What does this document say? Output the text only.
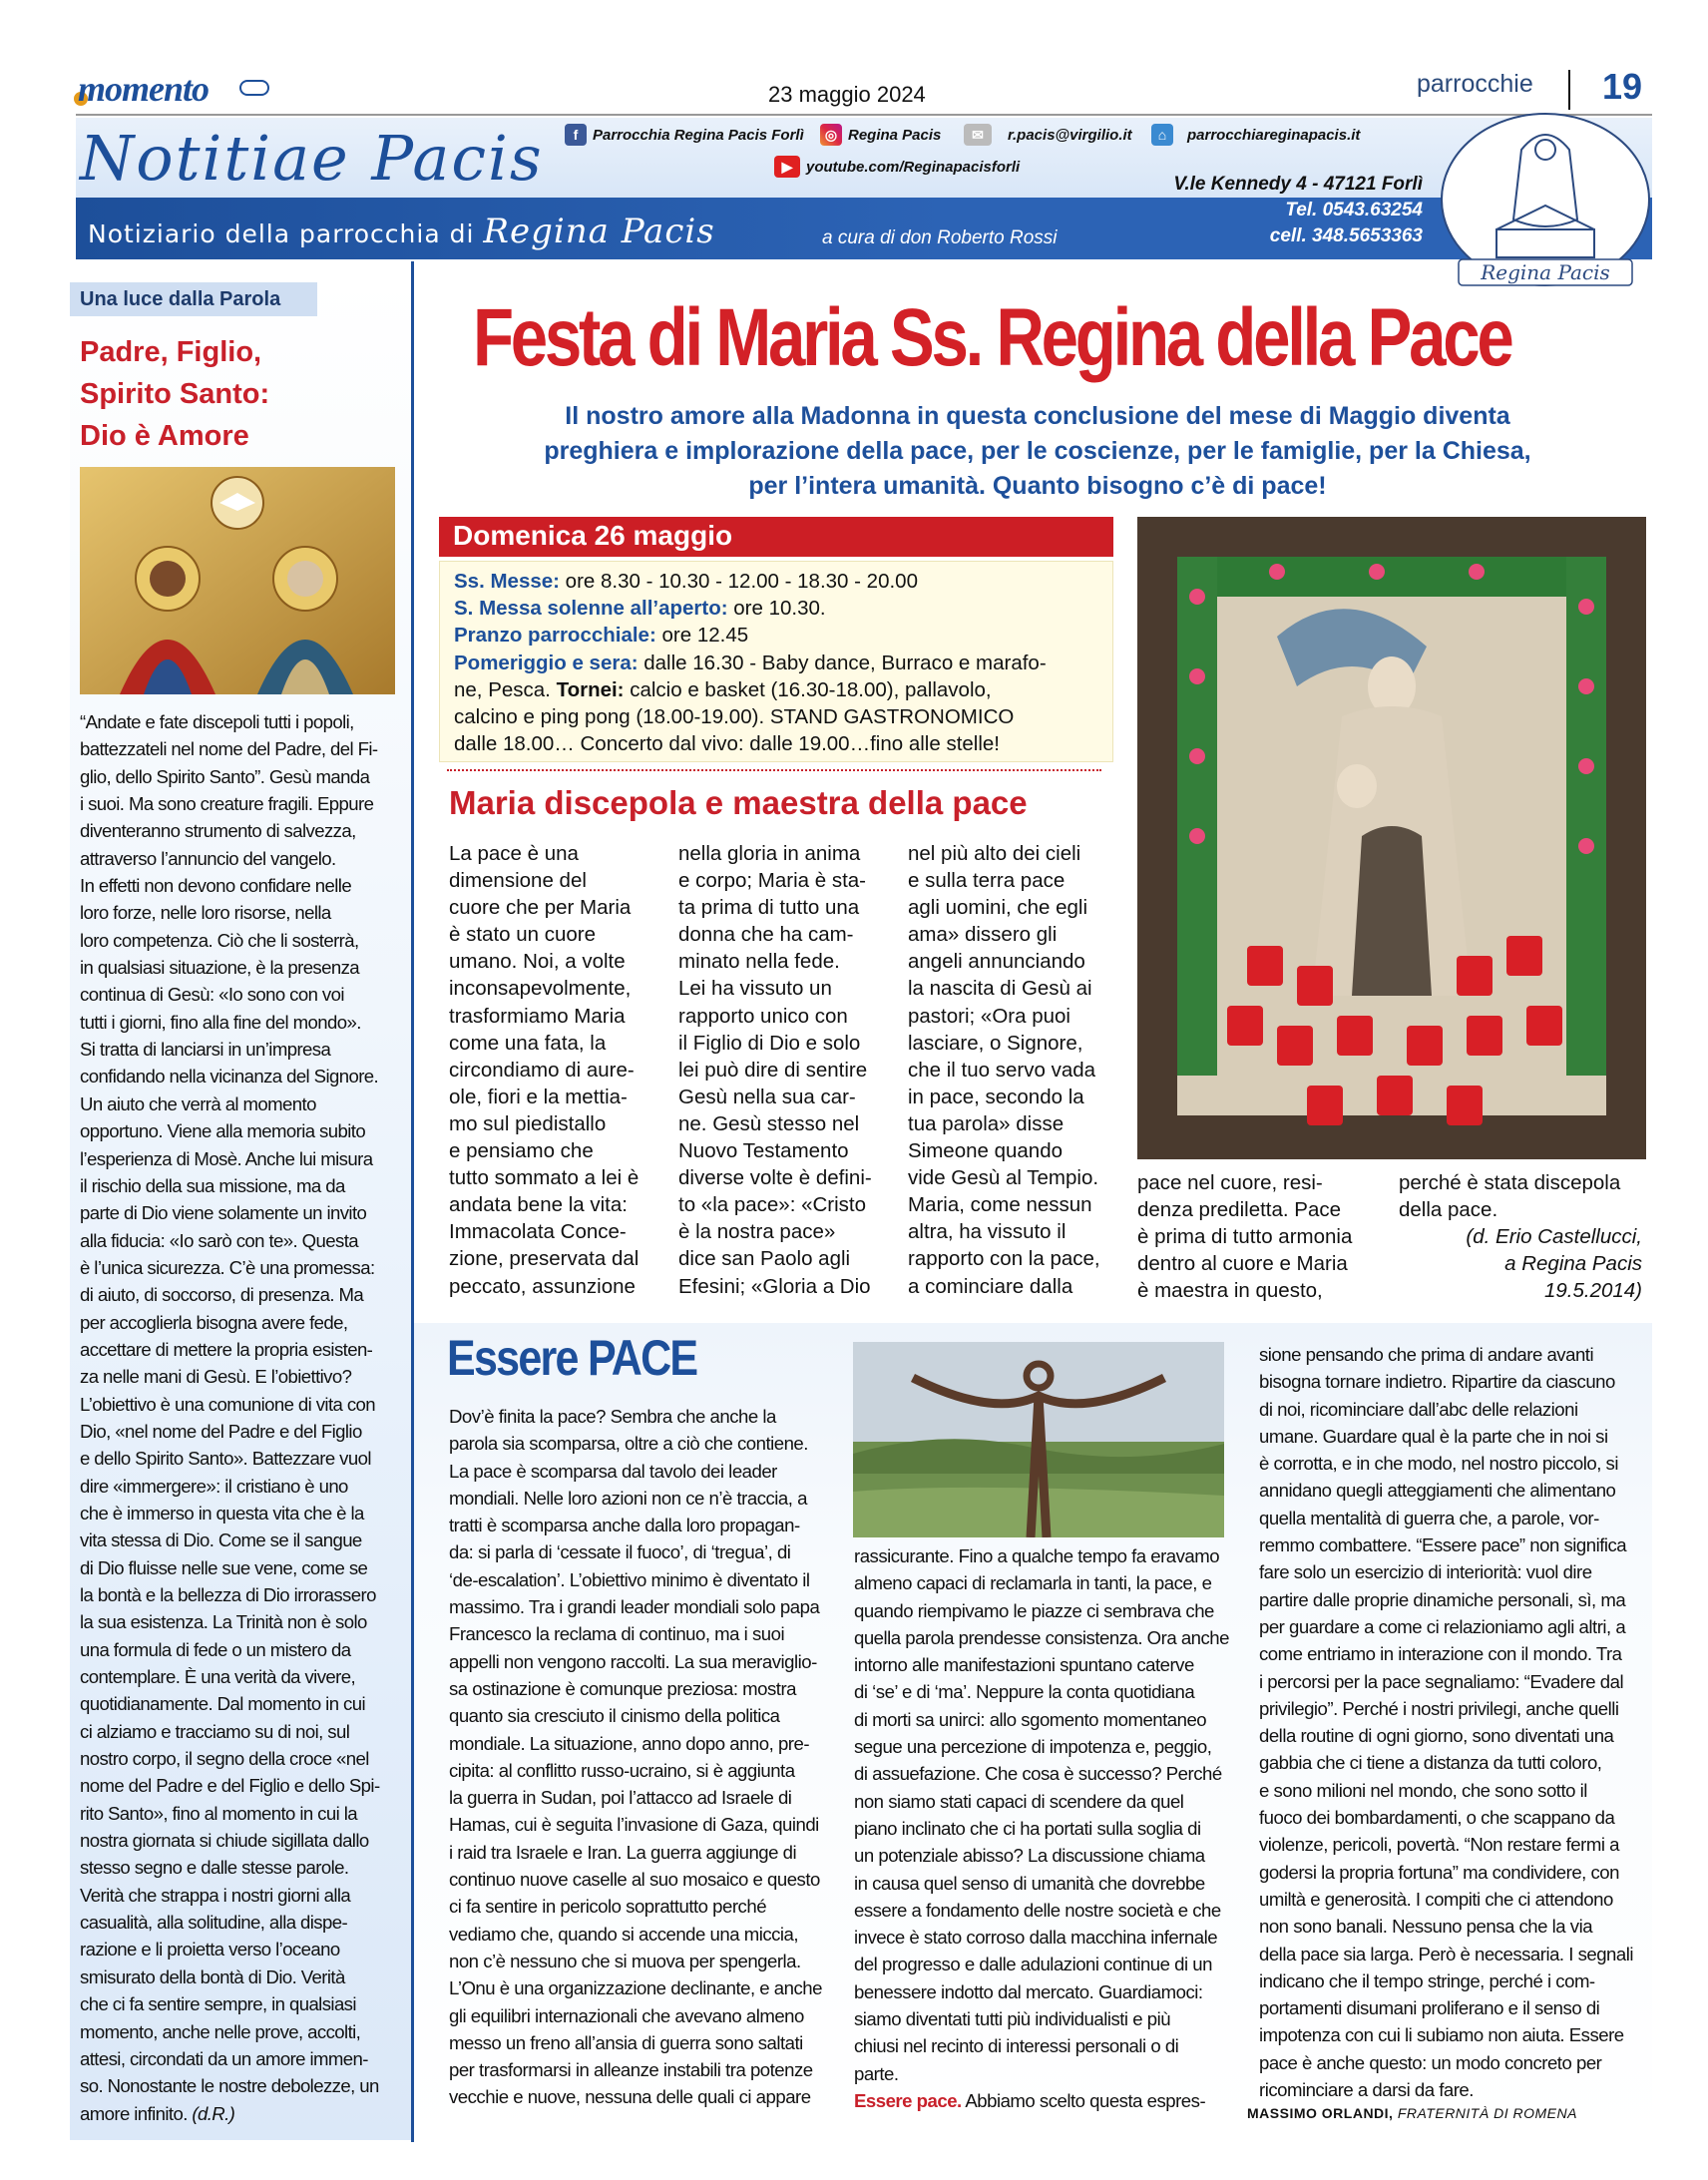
momento	23 maggio 2024	parrocchie 19
Notitiae Pacis
Notiziario della parrocchia di Regina Pacis	a cura di don Roberto Rossi
f Parrocchia Regina Pacis Forlì	◎ Regina Pacis	✉	r.pacis@virgilio.it	⌂	parrocchiareginapacis.it
▶ youtube.com/Reginapacisforli
V.le Kennedy 4 - 47121 Forlì
Tel. 0543.63254
cell. 348.5653363
Regina Pacis
Una luce dalla Parola
Padre, Figlio,
Spirito Santo:
Dio è Amore

“Andate e fate discepoli tutti i popoli,

battezzateli nel nome del Padre, del Fi-

glio, dello Spirito Santo”. Gesù manda

i suoi. Ma sono creature fragili. Eppure

diventeranno strumento di salvezza,

attraverso l’annuncio del vangelo.

In effetti non devono confidare nelle

loro forze, nelle loro risorse, nella

loro competenza. Ciò che li sosterrà,

in qualsiasi situazione, è la presenza

continua di Gesù: «Io sono con voi

tutti i giorni, fino alla fine del mondo».

Si tratta di lanciarsi in un’impresa

confidando nella vicinanza del Signore.

Un aiuto che verrà al momento

opportuno. Viene alla memoria subito

l’esperienza di Mosè. Anche lui misura

il rischio della sua missione, ma da

parte di Dio viene solamente un invito

alla fiducia: «Io sarò con te». Questa

è l’unica sicurezza. C’è una promessa:

di aiuto, di soccorso, di presenza. Ma

per accoglierla bisogna avere fede,

accettare di mettere la propria esisten-

za nelle mani di Gesù. E l’obiettivo?

L’obiettivo è una comunione di vita con

Dio, «nel nome del Padre e del Figlio

e dello Spirito Santo». Battezzare vuol

dire «immergere»: il cristiano è uno

che è immerso in questa vita che è la

vita stessa di Dio. Come se il sangue

di Dio fluisse nelle sue vene, come se

la bontà e la bellezza di Dio irrorassero

la sua esistenza. La Trinità non è solo

una formula di fede o un mistero da

contemplare. È una verità da vivere,

quotidianamente. Dal momento in cui

ci alziamo e tracciamo su di noi, sul

nostro corpo, il segno della croce «nel

nome del Padre e del Figlio e dello Spi-

rito Santo», fino al momento in cui la

nostra giornata si chiude sigillata dallo

stesso segno e dalle stesse parole.

Verità che strappa i nostri giorni alla

casualità, alla solitudine, alla dispe-

razione e li proietta verso l’oceano

smisurato della bontà di Dio. Verità

che ci fa sentire sempre, in qualsiasi

momento, anche nelle prove, accolti,

attesi, circondati da un amore immen-

so. Nonostante le nostre debolezze, un

amore infinito. (d.R.)

Festa di Maria Ss. Regina della Pace
Il nostro amore alla Madonna in questa conclusione del mese di Maggio diventa
preghiera e implorazione della pace, per le coscienze, per le famiglie, per la Chiesa,
per l’intera umanità. Quanto bisogno c’è di pace!
Domenica 26 maggio
Ss. Messe: ore 8.30 - 10.30 - 12.00 - 18.30 - 20.00
S. Messa solenne all’aperto: ore 10.30.
Pranzo parrocchiale: ore 12.45
Pomeriggio e sera: dalle 16.30 - Baby dance, Burraco e marafo-
ne, Pesca. Tornei: calcio e basket (16.30-18.00), pallavolo,
calcino e ping pong (18.00-19.00). STAND GASTRONOMICO
dalle 18.00… Concerto dal vivo: dalle 19.00…fino alle stelle!
Maria discepola e maestra della pace

La pace è una

dimensione del

cuore che per Maria

è stato un cuore

umano. Noi, a volte

inconsapevolmente,

trasformiamo Maria

come una fata, la

circondiamo di aure-

ole, fiori e la mettia-

mo sul piedistallo

e pensiamo che

tutto sommato a lei è

andata bene la vita:

Immacolata Conce-

zione, preservata dal

peccato, assunzione

nella gloria in anima

e corpo; Maria è sta-

ta prima di tutto una

donna che ha cam-

minato nella fede.

Lei ha vissuto un

rapporto unico con

il Figlio di Dio e solo

lei può dire di sentire

Gesù nella sua car-

ne. Gesù stesso nel

Nuovo Testamento

diverse volte è defini-

to «la pace»: «Cristo

è la nostra pace»

dice san Paolo agli

Efesini; «Gloria a Dio

nel più alto dei cieli

e sulla terra pace

agli uomini, che egli

ama» dissero gli

angeli annunciando

la nascita di Gesù ai

pastori; «Ora puoi

lasciare, o Signore,

che il tuo servo vada

in pace, secondo la

tua parola» disse

Simeone quando

vide Gesù al Tempio.

Maria, come nessun

altra, ha vissuto il

rapporto con la pace,

a cominciare dalla

pace nel cuore, resi-

denza prediletta. Pace

è prima di tutto armonia

dentro al cuore e Maria

è maestra in questo,

perché è stata discepola

della pace.

(d. Erio Castellucci,

a Regina Pacis

19.5.2014)

Essere PACE

Dov’è finita la pace? Sembra che anche la

parola sia scomparsa, oltre a ciò che contiene.

La pace è scomparsa dal tavolo dei leader

mondiali. Nelle loro azioni non ce n’è traccia, a

tratti è scomparsa anche dalla loro propagan-

da: si parla di ‘cessate il fuoco’, di ‘tregua’, di

‘de-escalation’. L’obiettivo minimo è diventato il

massimo. Tra i grandi leader mondiali solo papa

Francesco la reclama di continuo, ma i suoi

appelli non vengono raccolti. La sua meraviglio-

sa ostinazione è comunque preziosa: mostra

quanto sia cresciuto il cinismo della politica

mondiale. La situazione, anno dopo anno, pre-

cipita: al conflitto russo-ucraino, si è aggiunta

la guerra in Sudan, poi l’attacco ad Israele di

Hamas, cui è seguita l’invasione di Gaza, quindi

i raid tra Israele e Iran. La guerra aggiunge di

continuo nuove caselle al suo mosaico e questo

ci fa sentire in pericolo soprattutto perché

vediamo che, quando si accende una miccia,

non c’è nessuno che si muova per spengerla.

L’Onu è una organizzazione declinante, e anche

gli equilibri internazionali che avevano almeno

messo un freno all’ansia di guerra sono saltati

per trasformarsi in alleanze instabili tra potenze

vecchie e nuove, nessuna delle quali ci appare

rassicurante. Fino a qualche tempo fa eravamo

almeno capaci di reclamarla in tanti, la pace, e

quando riempivamo le piazze ci sembrava che

quella parola prendesse consistenza. Ora anche

intorno alle manifestazioni spuntano caterve

di ‘se’ e di ‘ma’. Neppure la conta quotidiana

di morti sa unirci: allo sgomento momentaneo

segue una percezione di impotenza e, peggio,

di assuefazione. Che cosa è successo? Perché

non siamo stati capaci di scendere da quel

piano inclinato che ci ha portati sulla soglia di

un potenziale abisso? La discussione chiama

in causa quel senso di umanità che dovrebbe

essere a fondamento delle nostre società e che

invece è stato corroso dalla macchina infernale

del progresso e dalle adulazioni continue di un

benessere indotto dal mercato. Guardiamoci:

siamo diventati tutti più individualisti e più

chiusi nel recinto di interessi personali o di

parte.

Essere pace. Abbiamo scelto questa espres-

sione pensando che prima di andare avanti

bisogna tornare indietro. Ripartire da ciascuno

di noi, ricominciare dall’abc delle relazioni

umane. Guardare qual è la parte che in noi si

è corrotta, e in che modo, nel nostro piccolo, si

annidano quegli atteggiamenti che alimentano

quella mentalità di guerra che, a parole, vor-

remmo combattere. “Essere pace” non significa

fare solo un esercizio di interiorità: vuol dire

partire dalle proprie dinamiche personali, sì, ma

per guardare a come ci relazioniamo agli altri, a

come entriamo in interazione con il mondo. Tra

i percorsi per la pace segnaliamo: “Evadere dal

privilegio”. Perché i nostri privilegi, anche quelli

della routine di ogni giorno, sono diventati una

gabbia che ci tiene a distanza da tutti coloro,

e sono milioni nel mondo, che sono sotto il

fuoco dei bombardamenti, o che scappano da

violenze, pericoli, povertà. “Non restare fermi a

godersi la propria fortuna” ma condividere, con

umiltà e generosità. I compiti che ci attendono

non sono banali. Nessuno pensa che la via

della pace sia larga. Però è necessaria. I segnali

indicano che il tempo stringe, perché i com-

portamenti disumani proliferano e il senso di

impotenza con cui li subiamo non aiuta. Essere

pace è anche questo: un modo concreto per

ricominciare a darsi da fare.

MASSIMO ORLANDI, FRATERNITÀ DI ROMENA
